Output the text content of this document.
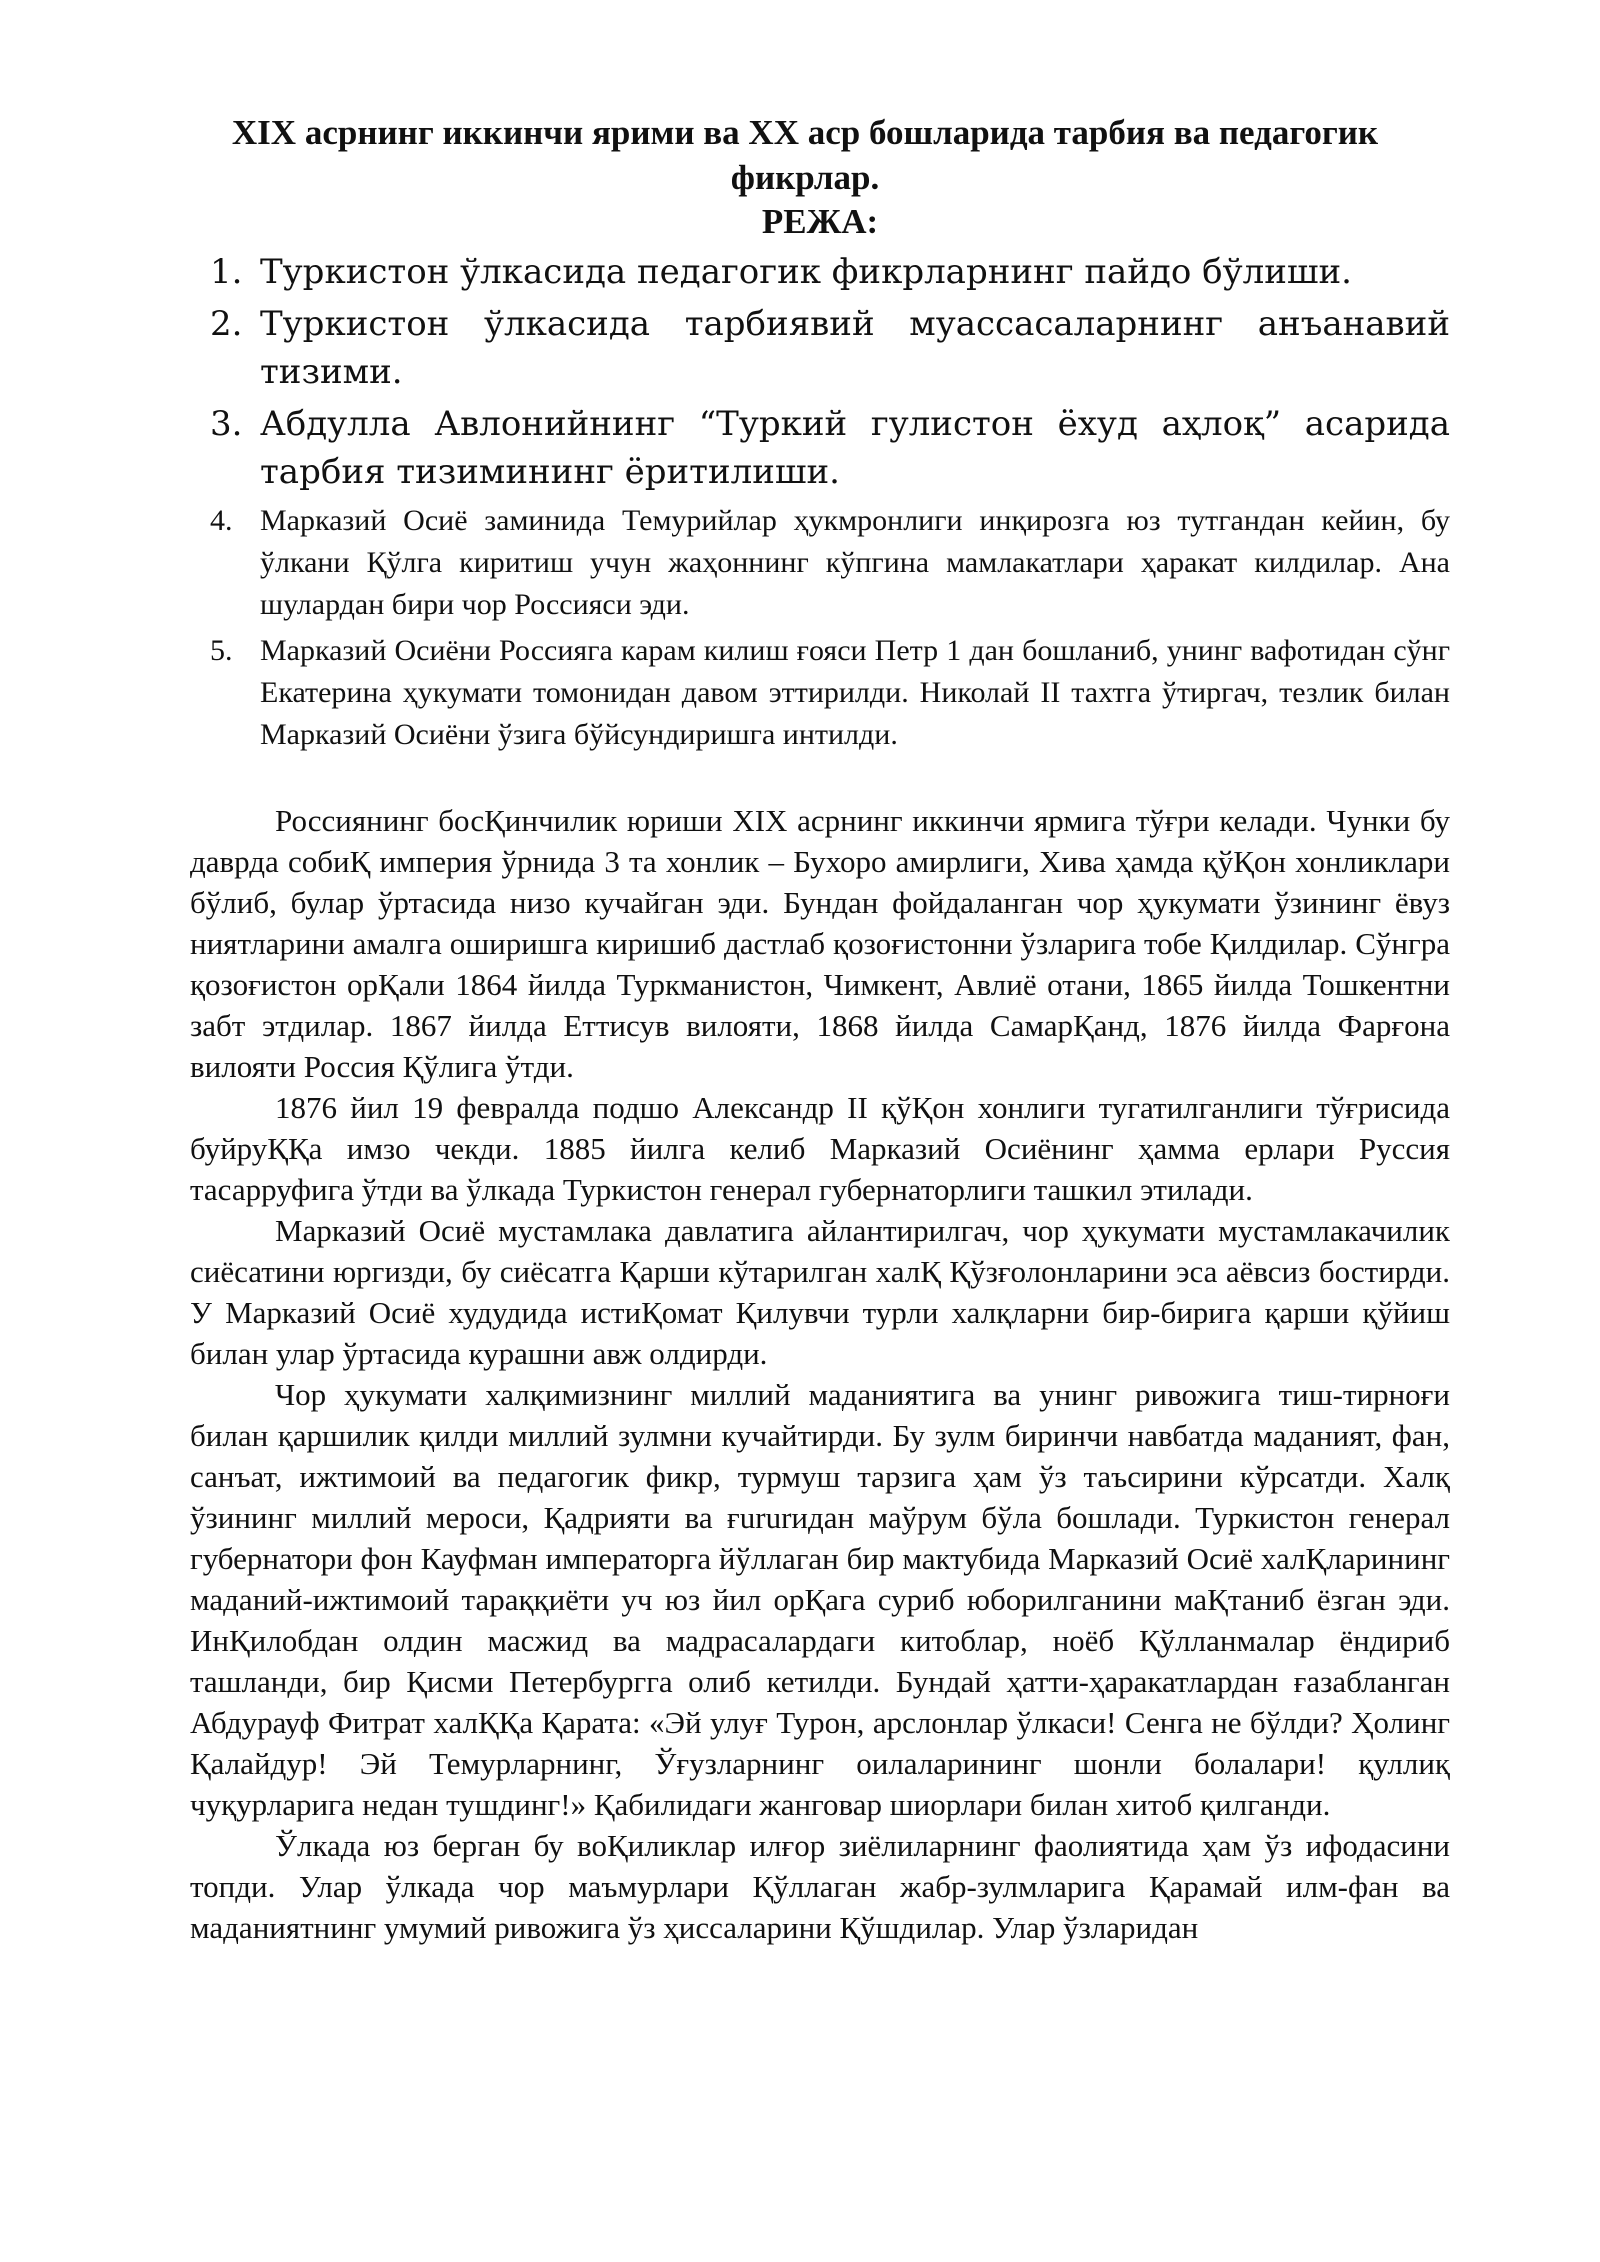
XIX асрнинг иккинчи ярими ва XX аср бошларида тарбия ва педагогик фикрлар.
РЕЖА:
1. Туркистон ўлкасида педагогик фикрларнинг пайдо бўлиши.
2. Туркистон ўлкасида тарбиявий муассасаларнинг анъанавий тизими.
3. Абдулла Авлонийнинг “Туркий гулистон ёхуд аҳлоқ” асарида тарбия тизимининг ёритилиши.
4. Марказий Осиё заминида Темурийлар ҳукмронлиги инқирозга юз тутгандан кейин, бу ўлкани Қўлга киритиш учун жаҳоннинг кўпгина мамлакатлари ҳаракат килдилар. Ана шулардан бири чор Россияси эди.
5. Марказий Осиёни Россияга карам килиш ғояси Петр 1 дан бошланиб, унинг вафотидан сўнг Екатерина ҳукумати томонидан давом эттирилди. Николай II тахтга ўтиргач, тезлик билан Марказий Осиёни ўзига бўйсундиришга интилди.

Россиянинг босҚинчилик юриши XIX асрнинг иккинчи ярмига тўғри келади. Чунки бу даврда собиҚ империя ўрнида 3 та хонлик – Бухоро амирлиги, Хива ҳамда қўҚон хонликлари бўлиб, булар ўртасида низо кучайган эди. Бундан фойдаланган чор ҳукумати ўзининг ёвуз ниятларини амалга оширишга киришиб дастлаб қозоғистонни ўзларига тобе Қилдилар. Сўнгра қозоғистон орҚали 1864 йилда Туркманистон, Чимкент, Авлиё отани, 1865 йилда Тошкентни забт этдилар. 1867 йилда Еттисув вилояти, 1868 йилда СамарҚанд, 1876 йилда Фарғона вилояти Россия Қўлига ўтди.

1876 йил 19 февралда подшо Александр II қўҚон хонлиги тугатилганлиги тўғрисида буйруҚҚа имзо чекди. 1885 йилга келиб Марказий Осиёнинг ҳамма ерлари Руссия тасарруфига ўтди ва ўлкада Туркистон генерал губернаторлиги ташкил этилади.

Марказий Осиё мустамлака давлатига айлантирилгач, чор ҳукумати мустамлакачилик сиёсатини юргизди, бу сиёсатга Қарши кўтарилган халҚ Қўзғолонларини эса аёвсиз бостирди. У Марказий Осиё худудида истиҚомат Қилувчи турли халқларни бир-бирига қарши қўйиш билан улар ўртасида курашни авж олдирди.

Чор ҳукумати халқимизнинг миллий маданиятига ва унинг ривожига тиш-тирноғи билан қаршилик қилди миллий зулмни кучайтирди. Бу зулм биринчи навбатда маданият, фан, санъат, ижтимоий ва педагогик фикр, турмуш тарзига ҳам ўз таъсирини кўрсатди. Халқ ўзининг миллий мероси, Қадрияти ва ғururидан маўрум бўла бошлади. Туркистон генерал губернатори фон Кауфман императорга йўллаган бир мактубида Марказий Осиё халҚларининг маданий-ижтимоий тараққиёти уч юз йил орҚага суриб юборилганини маҚтаниб ёзган эди. ИнҚилобдан олдин масжид ва мадрасалардаги китоблар, ноёб Қўлланмалар ёндириб ташланди, бир Қисми Петербургга олиб кетилди. Бундай ҳатти-ҳаракатлардан ғазабланган Абдурауф Фитрат халҚҚа Қарата: «Эй улуғ Турон, арслонлар ўлкаси! Сенга не бўлди? Ҳолинг Қалайдур! Эй Темурларнинг, Ўғузларнинг оилаларининг шонли болалари! қуллиқ чуқурларига недан тушдинг!» Қабилидаги жанговар шиорлари билан хитоб қилганди.

Ўлкада юз берган бу воҚиликлар илғор зиёлиларнинг фаолиятида ҳам ўз ифодасини топди. Улар ўлкада чор маъмурлари Қўллаган жабр-зулмларига Қарамай илм-фан ва маданиятнинг умумий ривожига ўз ҳиссаларини Қўшдилар. Улар ўзларидан
